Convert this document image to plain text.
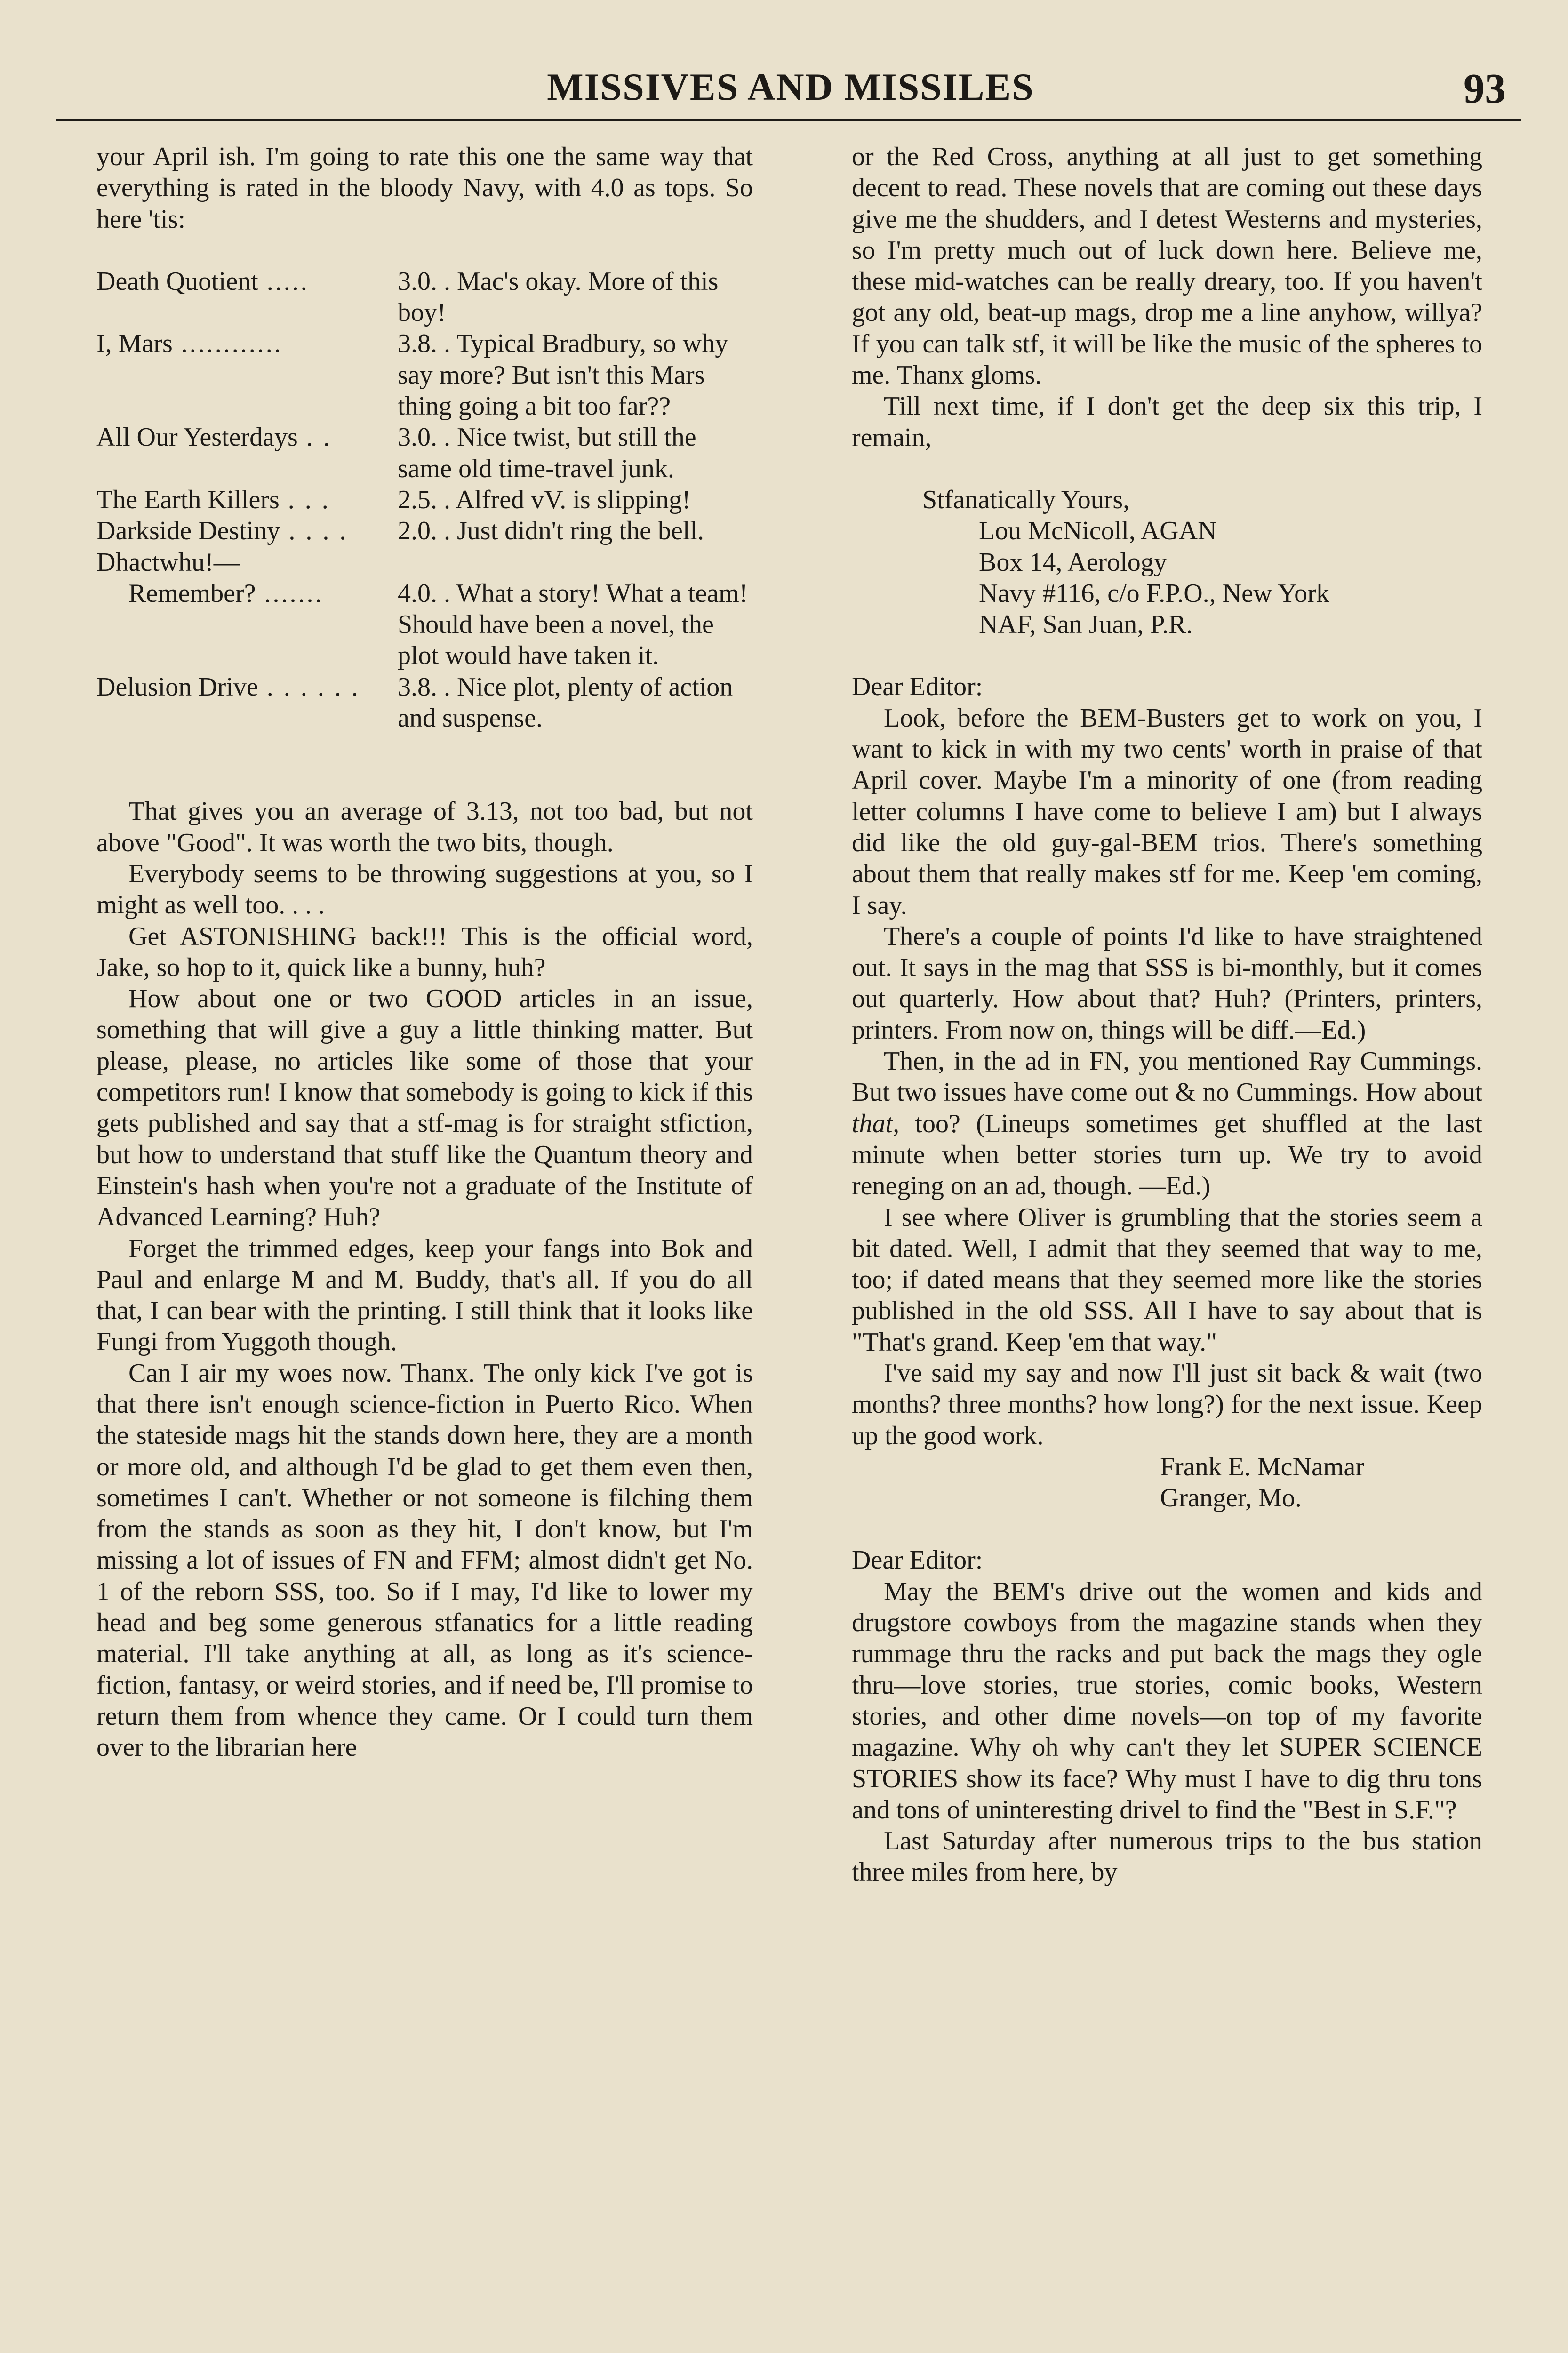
MISSIVES AND MISSILES	93

your April ish. I'm going to rate this one the same way that everything is rated in the bloody Navy, with 4.0 as tops. So here 'tis:

Death Quotient .....	3.0. . Mac's okay. More of this boy!
I, Mars ............	3.8. . Typical Bradbury, so why say more? But isn't this Mars thing going a bit too far??
All Our Yesterdays . .	3.0. . Nice twist, but still the same old time-travel junk.
The Earth Killers . . .	2.5. . Alfred vV. is slipping!
Darkside Destiny . . . . 2.0. . Just didn't ring the bell.

Dhactwhu!—

Remember? .......	4.0. . What a story! What a team! Should have been a novel, the plot would have taken it.
Delusion Drive . . . . . . 3.8. . Nice plot, plenty of action and suspense.

That gives you an average of 3.13, not too bad, but not above "Good". It was worth the two bits, though.

Everybody seems to be throwing suggestions at you, so I might as well too. . . .

Get ASTONISHING back!!! This is the official word, Jake, so hop to it, quick like a bunny, huh?

How about one or two GOOD articles in an issue, something that will give a guy a little thinking matter. But please, please, no articles like some of those that your competitors run! I know that somebody is going to kick if this gets published and say that a stf-mag is for straight stfiction, but how to understand that stuff like the Quantum theory and Einstein's hash when you're not a graduate of the Institute of Advanced Learning? Huh?

Forget the trimmed edges, keep your fangs into Bok and Paul and enlarge M and M. Buddy, that's all. If you do all that, I can bear with the printing. I still think that it looks like Fungi from Yuggoth though.

Can I air my woes now. Thanx. The only kick I've got is that there isn't enough science-fiction in Puerto Rico. When the stateside mags hit the stands down here, they are a month or more old, and although I'd be glad to get them even then, sometimes I can't. Whether or not someone is filching them from the stands as soon as they hit, I don't know, but I'm missing a lot of issues of FN and FFM; almost didn't get No. 1 of the reborn SSS, too. So if I may, I'd like to lower my head and beg some generous stfanatics for a little reading material. I'll take anything at all, as long as it's science-fiction, fantasy, or weird stories, and if need be, I'll promise to return them from whence they came. Or I could turn them over to the librarian here

or the Red Cross, anything at all just to get something decent to read. These novels that are coming out these days give me the shudders, and I detest Westerns and mysteries, so I'm pretty much out of luck down here. Believe me, these mid-watches can be really dreary, too. If you haven't got any old, beat-up mags, drop me a line anyhow, willya? If you can talk stf, it will be like the music of the spheres to me. Thanx gloms.

Till next time, if I don't get the deep six this trip, I remain,

Stfanatically Yours,
Lou McNicoll, AGAN
Box 14, Aerology
Navy #116, c/o F.P.O., New York
NAF, San Juan, P.R.

Dear Editor:

Look, before the BEM-Busters get to work on you, I want to kick in with my two cents' worth in praise of that April cover. Maybe I'm a minority of one (from reading letter columns I have come to believe I am) but I always did like the old guy-gal-BEM trios. There's something about them that really makes stf for me. Keep 'em coming, I say.

There's a couple of points I'd like to have straightened out. It says in the mag that SSS is bi-monthly, but it comes out quarterly. How about that? Huh? (Printers, printers, printers. From now on, things will be diff.—Ed.)

Then, in the ad in FN, you mentioned Ray Cummings. But two issues have come out & no Cummings. How about that, too? (Lineups sometimes get shuffled at the last minute when better stories turn up. We try to avoid reneging on an ad, though. —Ed.)

I see where Oliver is grumbling that the stories seem a bit dated. Well, I admit that they seemed that way to me, too; if dated means that they seemed more like the stories published in the old SSS. All I have to say about that is "That's grand. Keep 'em that way."

I've said my say and now I'll just sit back & wait (two months? three months? how long?) for the next issue. Keep up the good work.

Frank E. McNamar
Granger, Mo.

Dear Editor:

May the BEM's drive out the women and kids and drugstore cowboys from the magazine stands when they rummage thru the racks and put back the mags they ogle thru—love stories, true stories, comic books, Western stories, and other dime novels—on top of my favorite magazine. Why oh why can't they let SUPER SCIENCE STORIES show its face? Why must I have to dig thru tons and tons of uninteresting drivel to find the "Best in S.F."?

Last Saturday after numerous trips to the bus station three miles from here, by
